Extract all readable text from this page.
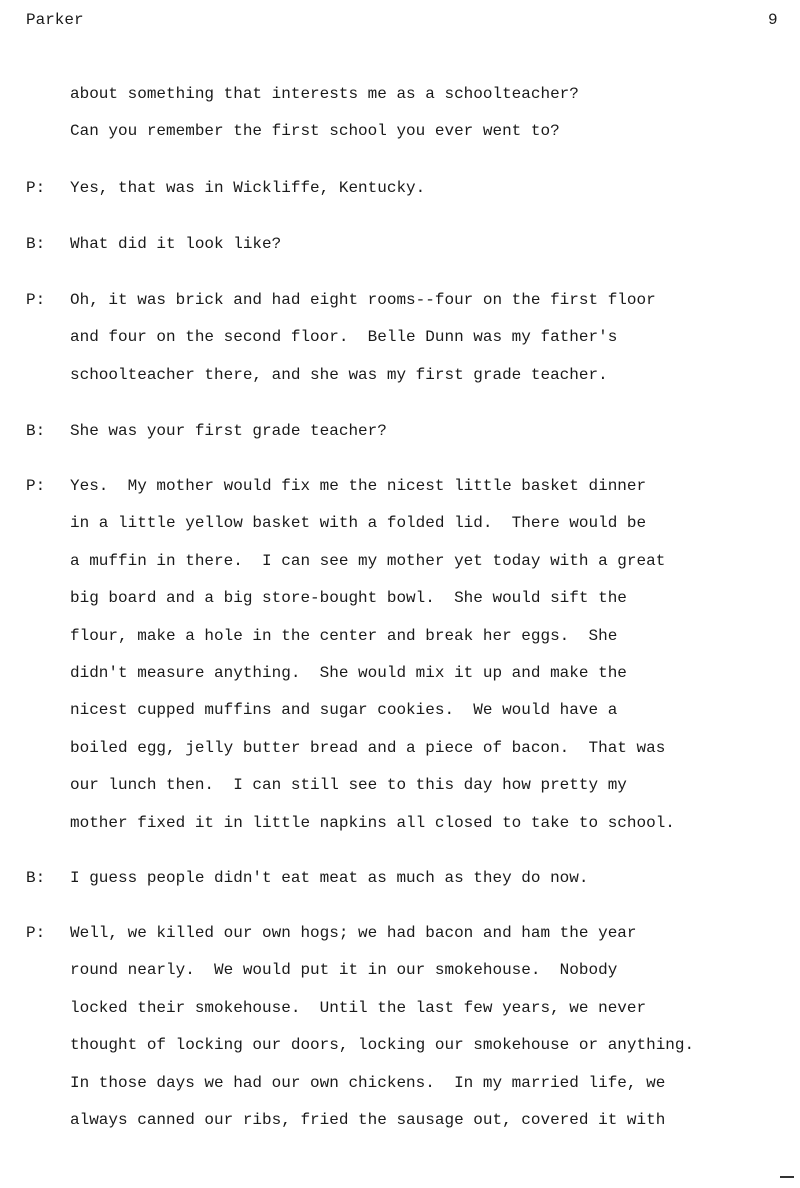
Parker	9
about something that interests me as a schoolteacher?
Can you remember the first school you ever went to?
P: Yes, that was in Wickliffe, Kentucky.
B: What did it look like?
P: Oh, it was brick and had eight rooms--four on the first floor
and four on the second floor.  Belle Dunn was my father's
schoolteacher there, and she was my first grade teacher.
B: She was your first grade teacher?
P: Yes.  My mother would fix me the nicest little basket dinner
in a little yellow basket with a folded lid.  There would be
a muffin in there.  I can see my mother yet today with a great
big board and a big store-bought bowl.  She would sift the
flour, make a hole in the center and break her eggs.  She
didn't measure anything.  She would mix it up and make the
nicest cupped muffins and sugar cookies.  We would have a
boiled egg, jelly butter bread and a piece of bacon.  That was
our lunch then.  I can still see to this day how pretty my
mother fixed it in little napkins all closed to take to school.
B: I guess people didn't eat meat as much as they do now.
P: Well, we killed our own hogs; we had bacon and ham the year
round nearly.  We would put it in our smokehouse.  Nobody
locked their smokehouse.  Until the last few years, we never
thought of locking our doors, locking our smokehouse or anything.
In those days we had our own chickens.  In my married life, we
always canned our ribs, fried the sausage out, covered it with
